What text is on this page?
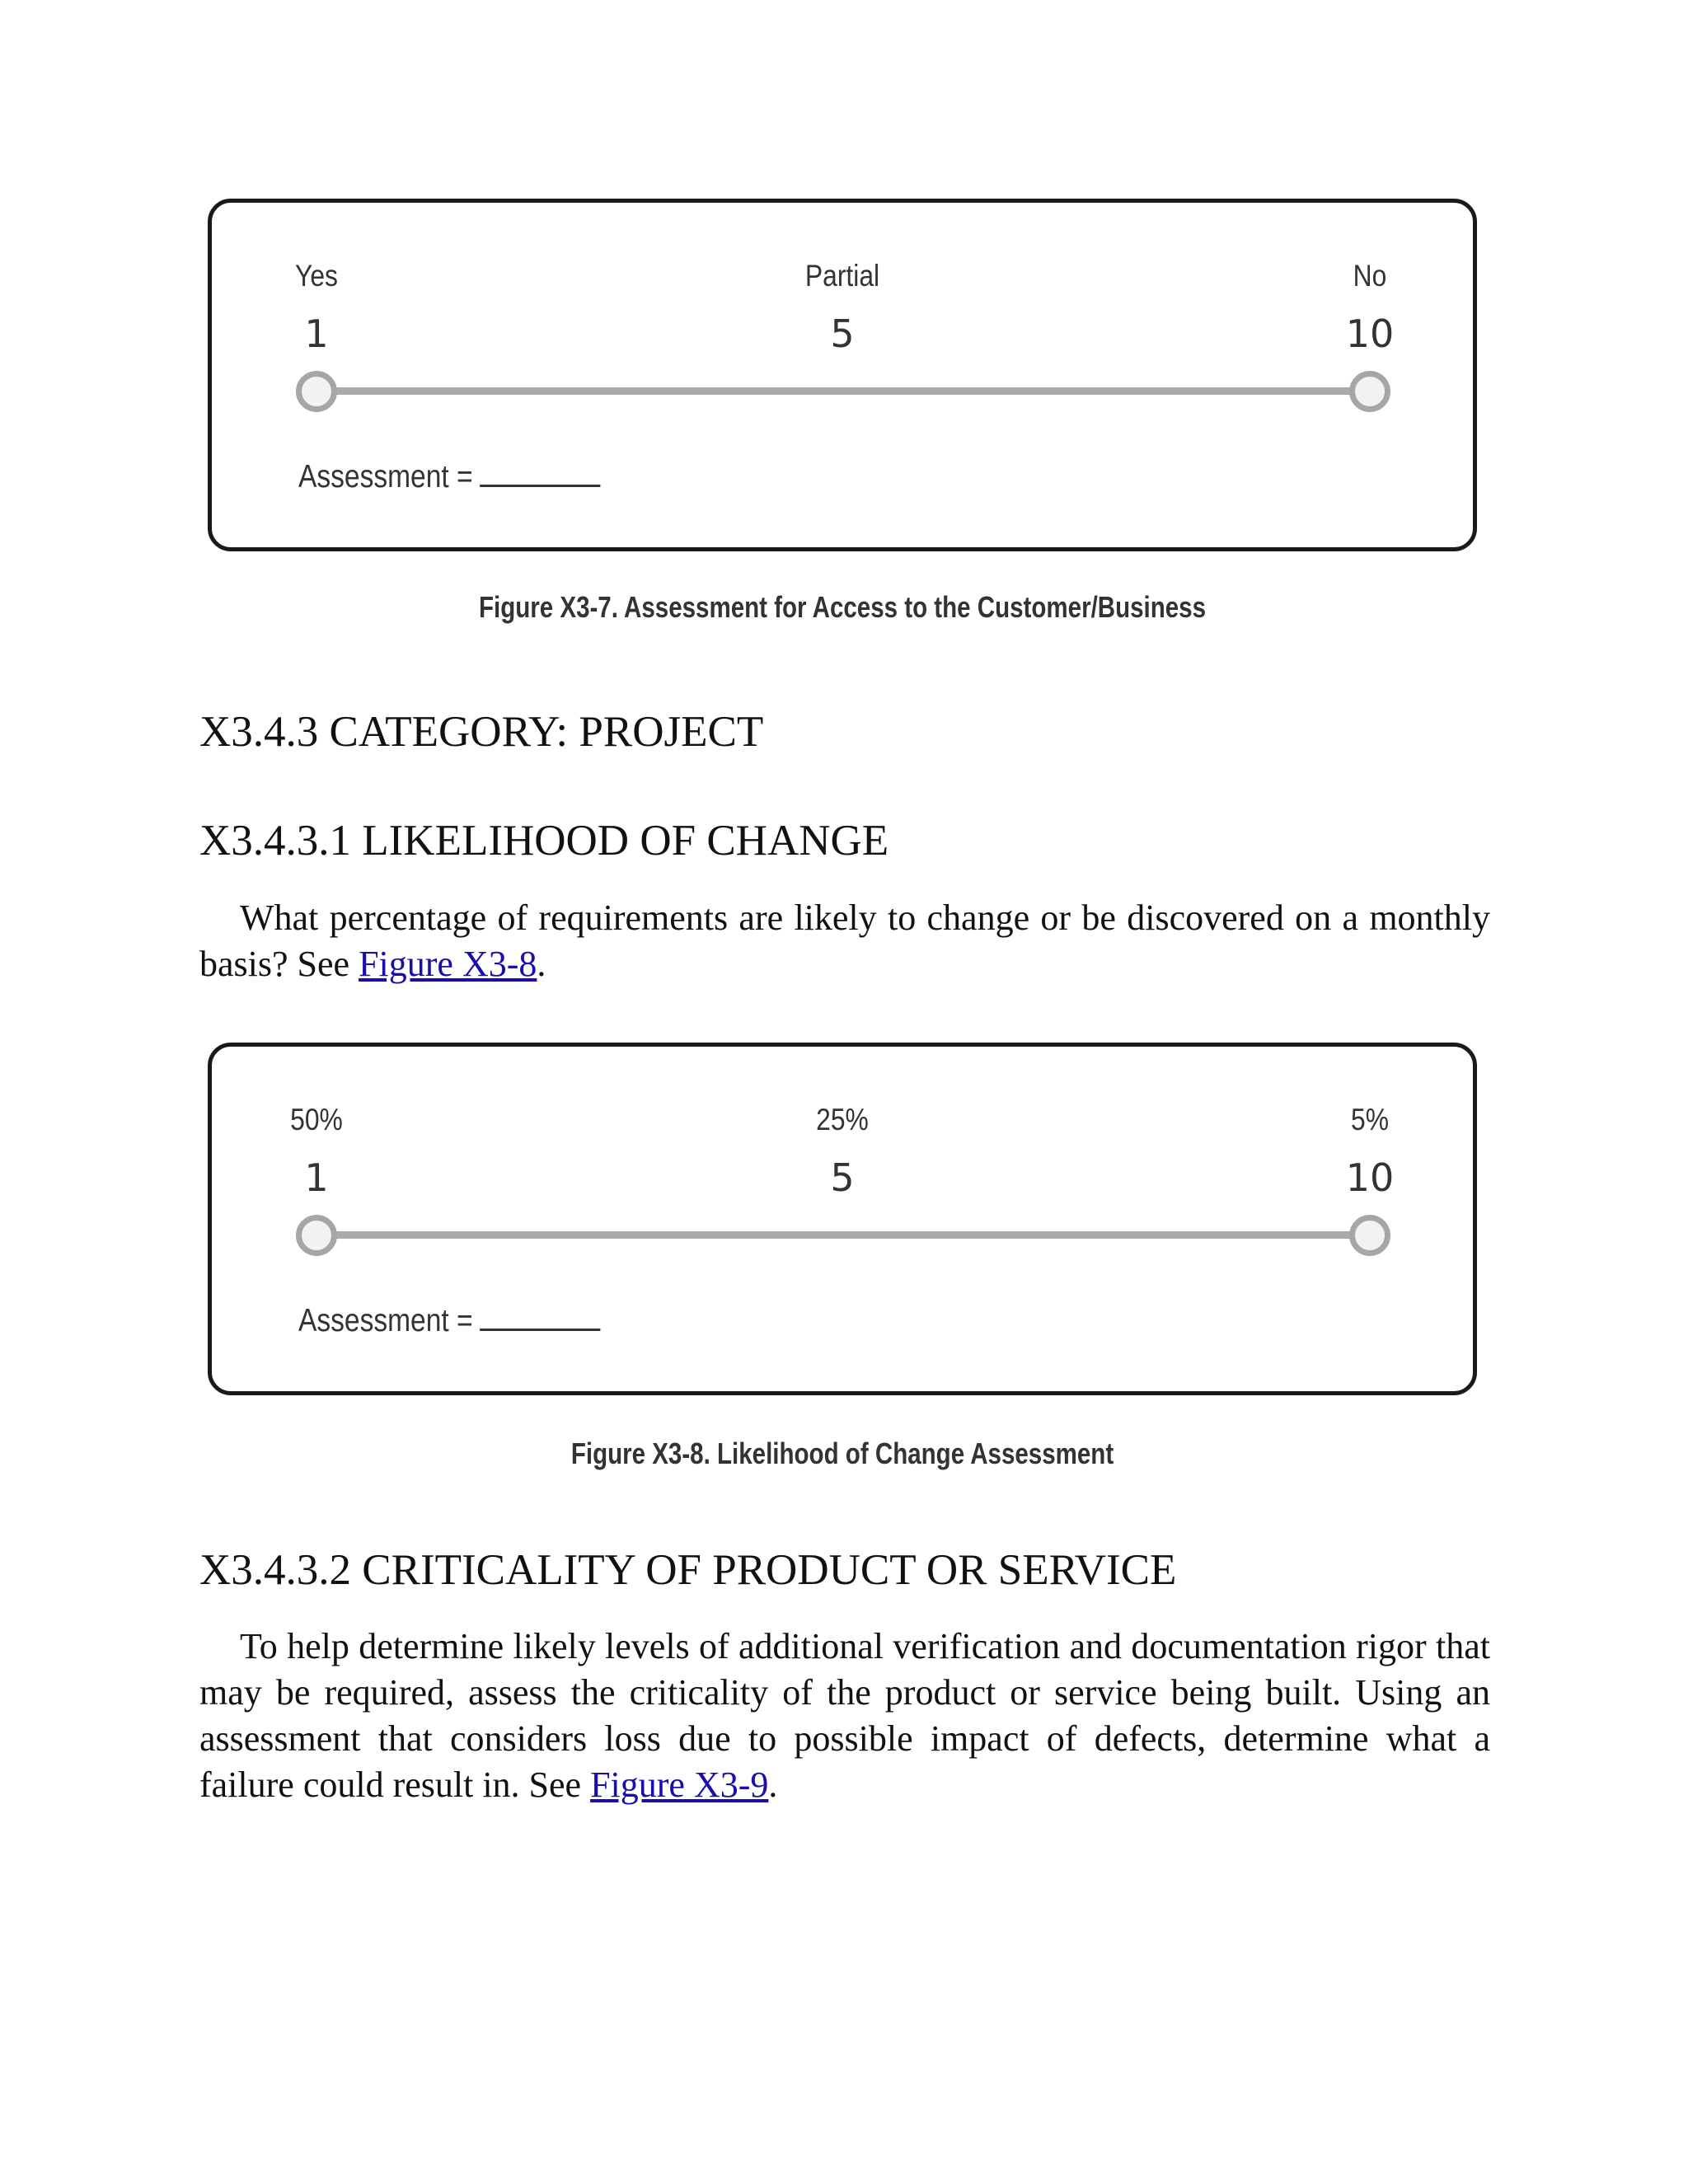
Yes	Partial	No
1	5	10
Assessment =
Figure X3-7. Assessment for Access to the Customer/Business
X3.4.3 CATEGORY: PROJECT
X3.4.3.1 LIKELIHOOD OF CHANGE
What percentage of requirements are likely to change or be discovered on a monthly basis? See Figure X3-8.
50%	25%	5%
1	5	10
Assessment =
Figure X3-8. Likelihood of Change Assessment
X3.4.3.2 CRITICALITY OF PRODUCT OR SERVICE
To help determine likely levels of additional verification and documentation rigor that may be required, assess the criticality of the product or service being built. Using an assessment that considers loss due to possible impact of defects, determine what a failure could result in. See Figure X3-9.
